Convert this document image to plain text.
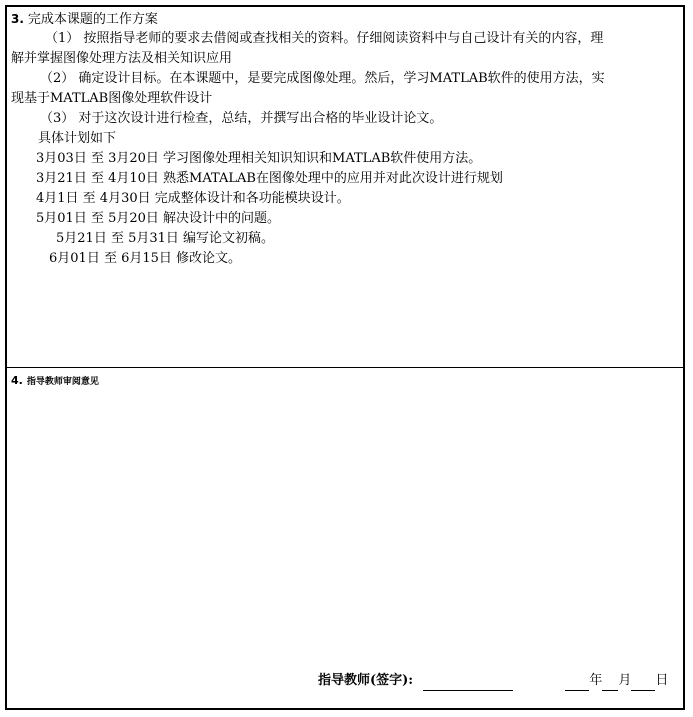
3. 完成本课题的工作方案
（1） 按照指导老师的要求去借阅或查找相关的资料。仔细阅读资料中与自己设计有关的内容，理
解并掌握图像处理方法及相关知识应用
（2） 确定设计目标。在本课题中，是要完成图像处理。然后，学习MATLAB软件的使用方法，实
现基于MATLAB图像处理软件设计
（3） 对于这次设计进行检查，总结，并撰写出合格的毕业设计论文。
具体计划如下
3月03日 至 3月20日 学习图像处理相关知识知识和MATLAB软件使用方法。
3月21日 至 4月10日 熟悉MATALAB在图像处理中的应用并对此次设计进行规划
4月1日 至 4月30日 完成整体设计和各功能模块设计。
5月01日 至 5月20日 解决设计中的问题。
5月21日 至 5月31日 编写论文初稿。
6月01日 至 6月15日 修改论文。
4. 指导教师审阅意见
指导教师(签字):	年 月 日
